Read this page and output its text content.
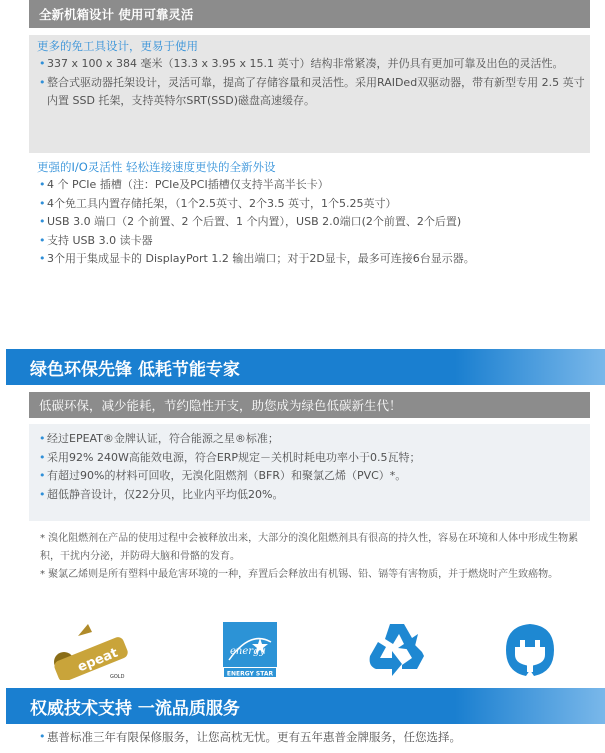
全新机箱设计 使用可靠灵活
更多的免工具设计，更易于使用
• 337 x 100 x 384 毫米（13.3 x 3.95 x 15.1 英寸）结构非常紧凑，并仍具有更加可靠及出色的灵活性。
• 整合式驱动器托架设计，灵活可靠，提高了存储容量和灵活性。采用RAIDed双驱动器，带有新型专用 2.5 英寸内置 SSD 托架，支持英特尔SRT(SSD)磁盘高速缓存。
更强的I/O灵活性 轻松连接速度更快的全新外设
• 4 个 PCIe 插槽（注：PCIe及PCI插槽仅支持半高半长卡）
• 4个免工具内置存储托架，（1个2.5英寸、2个3.5 英寸，1个5.25英寸）
• USB 3.0 端口（2 个前置、2 个后置、1 个内置），USB 2.0端口(2个前置、2个后置)
• 支持 USB 3.0 读卡器
• 3个用于集成显卡的 DisplayPort 1.2 输出端口；对于2D显卡，最多可连接6台显示器。
绿色环保先锋 低耗节能专家
低碳环保，减少能耗，节约隐性开支，助您成为绿色低碳新生代！
• 经过EPEAT®金牌认证，符合能源之星®标准；
• 采用92% 240W高能效电源，符合ERP规定－关机时耗电功率小于0.5瓦特；
• 有超过90%的材料可回收，无溴化阻燃剂（BFR）和聚氯乙烯（PVC）*。
• 超低静音设计，仅22分贝，比业内平均低20%。

* 溴化阻燃剂在产品的使用过程中会被释放出来，大部分的溴化阻燃剂具有很高的持久性，容易在环境和人体中形成生物累积，干扰内分泌，并防碍大脑和骨骼的发育。

* 聚氯乙烯则是所有塑料中最危害环境的一种，弃置后会释放出有机锡、铅、镉等有害物质，并于燃烧时产生致癌物。

epeat
GOLD
energy
ENERGY STAR
权威技术支持 一流品质服务
• 惠普标准三年有限保修服务，让您高枕无忧。更有五年惠普金牌服务，任您选择。
